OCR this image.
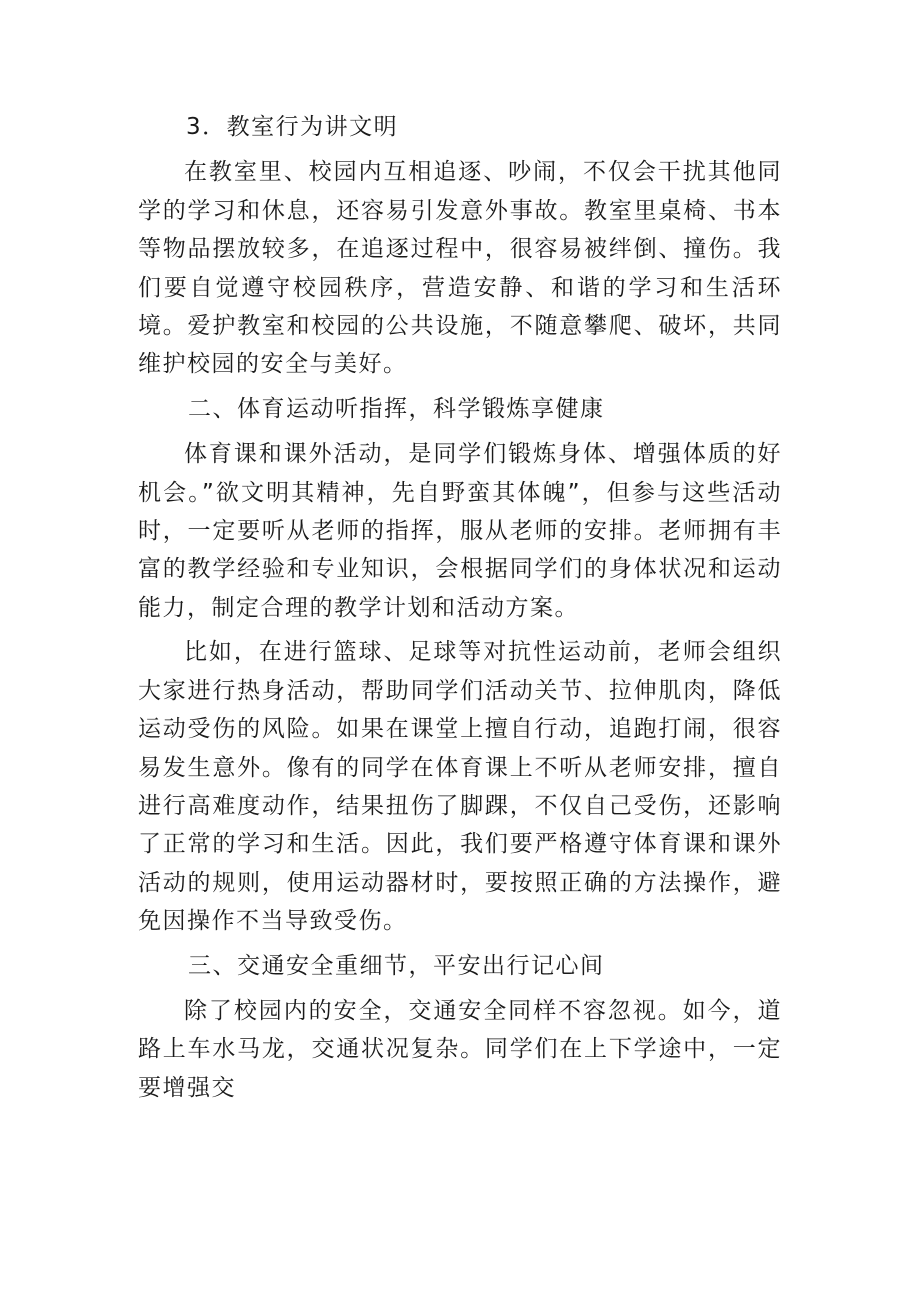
3．教室行为讲文明

在教室里、校园内互相追逐、吵闹，不仅会干扰其他同学的学习和休息，还容易引发意外事故。教室里桌椅、书本等物品摆放较多，在追逐过程中，很容易被绊倒、撞伤。我们要自觉遵守校园秩序，营造安静、和谐的学习和生活环境。爱护教室和校园的公共设施，不随意攀爬、破坏，共同维护校园的安全与美好。

二、体育运动听指挥，科学锻炼享健康

体育课和课外活动，是同学们锻炼身体、增强体质的好机会。”欲文明其精神，先自野蛮其体魄”，但参与这些活动时，一定要听从老师的指挥，服从老师的安排。老师拥有丰富的教学经验和专业知识，会根据同学们的身体状况和运动能力，制定合理的教学计划和活动方案。

比如，在进行篮球、足球等对抗性运动前，老师会组织大家进行热身活动，帮助同学们活动关节、拉伸肌肉，降低运动受伤的风险。如果在课堂上擅自行动，追跑打闹，很容易发生意外。像有的同学在体育课上不听从老师安排，擅自进行高难度动作，结果扭伤了脚踝，不仅自己受伤，还影响了正常的学习和生活。因此，我们要严格遵守体育课和课外活动的规则，使用运动器材时，要按照正确的方法操作，避免因操作不当导致受伤。

三、交通安全重细节，平安出行记心间

除了校园内的安全，交通安全同样不容忽视。如今，道路上车水马龙，交通状况复杂。同学们在上下学途中，一定要增强交
